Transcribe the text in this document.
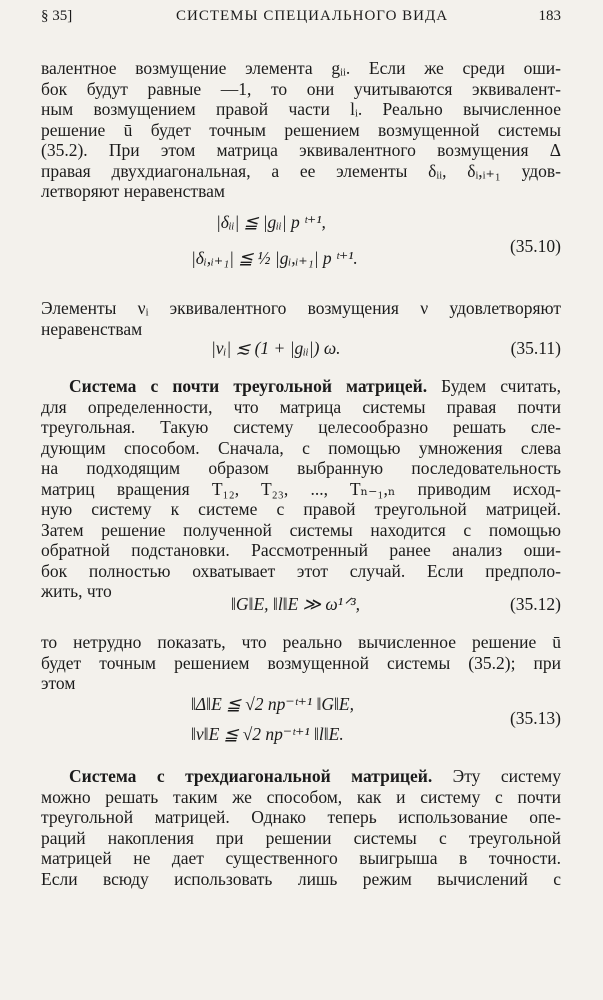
§ 35]	СИСТЕМЫ СПЕЦИАЛЬНОГО ВИДА	183
валентное возмущение элемента gᵢᵢ. Если же среди оши-
бок будут равные —1, то они учитываются эквивалент-
ным возмущением правой части lᵢ. Реально вычисленное
решение ū будет точным решением возмущенной системы
(35.2). При этом матрица эквивалентного возмущения Δ
правая двухдиагональная, а ее элементы δᵢᵢ, δᵢ,ᵢ₊₁ удов-
летворяют неравенствам
|δᵢᵢ| ≦ |gᵢᵢ| p ᵗ⁺¹,
(35.10)
|δᵢ,ᵢ₊₁| ≦ ½ |gᵢ,ᵢ₊₁| p ᵗ⁺¹.
Элементы νᵢ эквивалентного возмущения ν удовлетворяют
неравенствам
|νᵢ| ≲ (1 + |gᵢᵢ|) ω.	(35.11)
Система с почти треугольной матрицей. Будем считать,
для определенности, что матрица системы правая почти
треугольная. Такую систему целесообразно решать сле-
дующим способом. Сначала, с помощью умножения слева
на подходящим образом выбранную последовательность
матриц вращения T₁₂, T₂₃, ..., Tₙ₋₁,ₙ приводим исход-
ную систему к системе с правой треугольной матрицей.
Затем решение полученной системы находится с помощью
обратной подстановки. Рассмотренный ранее анализ оши-
бок полностью охватывает этот случай. Если предполо-
жить, что
‖G‖E, ‖l‖E ≫ ω¹ᐟ³,	(35.12)
то нетрудно показать, что реально вычисленное решение ū
будет точным решением возмущенной системы (35.2); при
этом
‖Δ‖E ≦ √2 np⁻ᵗ⁺¹ ‖G‖E,
(35.13)
‖ν‖E ≦ √2 np⁻ᵗ⁺¹ ‖l‖E.
Система с трехдиагональной матрицей. Эту систему
можно решать таким же способом, как и систему с почти
треугольной матрицей. Однако теперь использование опе-
раций накопления при решении системы с треугольной
матрицей не дает существенного выигрыша в точности.
Если всюду использовать лишь режим вычислений с
